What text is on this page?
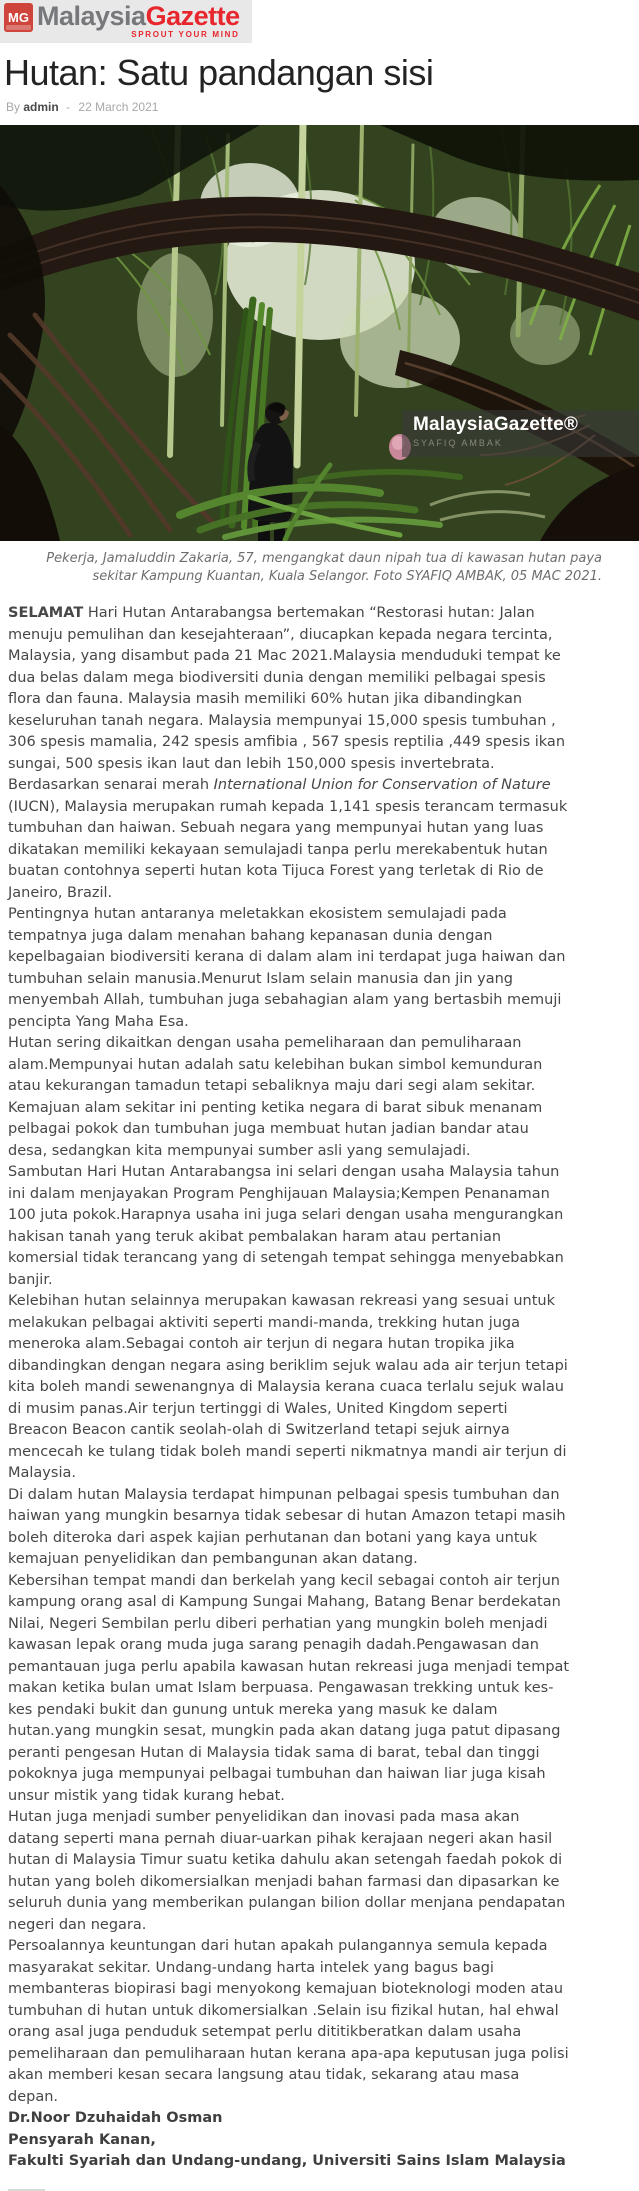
MG MalaysiaGazette
SPROUT YOUR MIND
Hutan: Satu pandangan sisi
By admin - 22 March 2021
MalaysiaGazette®
SYAFIQ AMBAK
Pekerja, Jamaluddin Zakaria, 57, mengangkat daun nipah tua di kawasan hutan paya sekitar Kampung Kuantan, Kuala Selangor. Foto SYAFIQ AMBAK, 05 MAC 2021.

SELAMAT Hari Hutan Antarabangsa bertemakan “Restorasi hutan: Jalan menuju pemulihan dan kesejahteraan”, diucapkan kepada negara tercinta, Malaysia, yang disambut pada 21 Mac 2021.Malaysia menduduki tempat ke dua belas dalam mega biodiversiti dunia dengan memiliki pelbagai spesis flora dan fauna. Malaysia masih memiliki 60% hutan jika dibandingkan keseluruhan tanah negara. Malaysia mempunyai 15,000 spesis tumbuhan , 306 spesis mamalia, 242 spesis amfibia , 567 spesis reptilia ,449 spesis ikan sungai, 500 spesis ikan laut dan lebih 150,000 spesis invertebrata.

Berdasarkan senarai merah International Union for Conservation of Nature (IUCN), Malaysia merupakan rumah kepada 1,141 spesis terancam termasuk tumbuhan dan haiwan. Sebuah negara yang mempunyai hutan yang luas dikatakan memiliki kekayaan semulajadi tanpa perlu merekabentuk hutan buatan contohnya seperti hutan kota Tijuca Forest yang terletak di Rio de Janeiro, Brazil.

Pentingnya hutan antaranya meletakkan ekosistem semulajadi pada tempatnya juga dalam menahan bahang kepanasan dunia dengan kepelbagaian biodiversiti kerana di dalam alam ini terdapat juga haiwan dan tumbuhan selain manusia.Menurut Islam selain manusia dan jin yang menyembah Allah, tumbuhan juga sebahagian alam yang bertasbih memuji pencipta Yang Maha Esa.

Hutan sering dikaitkan dengan usaha pemeliharaan dan pemuliharaan alam.Mempunyai hutan adalah satu kelebihan bukan simbol kemunduran atau kekurangan tamadun tetapi sebaliknya maju dari segi alam sekitar. Kemajuan alam sekitar ini penting ketika negara di barat sibuk menanam pelbagai pokok dan tumbuhan juga membuat hutan jadian bandar atau desa, sedangkan kita mempunyai sumber asli yang semulajadi.

Sambutan Hari Hutan Antarabangsa ini selari dengan usaha Malaysia tahun ini dalam menjayakan Program Penghijauan Malaysia;Kempen Penanaman 100 juta pokok.Harapnya usaha ini juga selari dengan usaha mengurangkan hakisan tanah yang teruk akibat pembalakan haram atau pertanian komersial tidak terancang yang di setengah tempat sehingga menyebabkan banjir.

Kelebihan hutan selainnya merupakan kawasan rekreasi yang sesuai untuk melakukan pelbagai aktiviti seperti mandi-manda, trekking hutan juga meneroka alam.Sebagai contoh air terjun di negara hutan tropika jika dibandingkan dengan negara asing beriklim sejuk walau ada air terjun tetapi kita boleh mandi sewenangnya di Malaysia kerana cuaca terlalu sejuk walau di musim panas.Air terjun tertinggi di Wales, United Kingdom seperti Breacon Beacon cantik seolah-olah di Switzerland tetapi sejuk airnya mencecah ke tulang tidak boleh mandi seperti nikmatnya mandi air terjun di Malaysia.

Di dalam hutan Malaysia terdapat himpunan pelbagai spesis tumbuhan dan haiwan yang mungkin besarnya tidak sebesar di hutan Amazon tetapi masih boleh diteroka dari aspek kajian perhutanan dan botani yang kaya untuk kemajuan penyelidikan dan pembangunan akan datang.

Kebersihan tempat mandi dan berkelah yang kecil sebagai contoh air terjun kampung orang asal di Kampung Sungai Mahang, Batang Benar berdekatan Nilai, Negeri Sembilan perlu diberi perhatian yang mungkin boleh menjadi kawasan lepak orang muda juga sarang penagih dadah.Pengawasan dan pemantauan juga perlu apabila kawasan hutan rekreasi juga menjadi tempat makan ketika bulan umat Islam berpuasa. Pengawasan trekking untuk kes-kes pendaki bukit dan gunung untuk mereka yang masuk ke dalam hutan.yang mungkin sesat, mungkin pada akan datang juga patut dipasang peranti pengesan Hutan di Malaysia tidak sama di barat, tebal dan tinggi pokoknya juga mempunyai pelbagai tumbuhan dan haiwan liar juga kisah unsur mistik yang tidak kurang hebat.

Hutan juga menjadi sumber penyelidikan dan inovasi pada masa akan datang seperti mana pernah diuar-uarkan pihak kerajaan negeri akan hasil hutan di Malaysia Timur suatu ketika dahulu akan setengah faedah pokok di hutan yang boleh dikomersialkan menjadi bahan farmasi dan dipasarkan ke seluruh dunia yang memberikan pulangan bilion dollar menjana pendapatan negeri dan negara.

Persoalannya keuntungan dari hutan apakah pulangannya semula kepada masyarakat sekitar. Undang-undang harta intelek yang bagus bagi membanteras biopirasi bagi menyokong kemajuan bioteknologi moden atau tumbuhan di hutan untuk dikomersialkan .Selain isu fizikal hutan, hal ehwal orang asal juga penduduk setempat perlu dititikberatkan dalam usaha pemeliharaan dan pemuliharaan hutan kerana apa-apa keputusan juga polisi akan memberi kesan secara langsung atau tidak, sekarang atau masa depan.

Dr.Noor Dzuhaidah Osman

Pensyarah Kanan,

Fakulti Syariah dan Undang-undang, Universiti Sains Islam Malaysia
